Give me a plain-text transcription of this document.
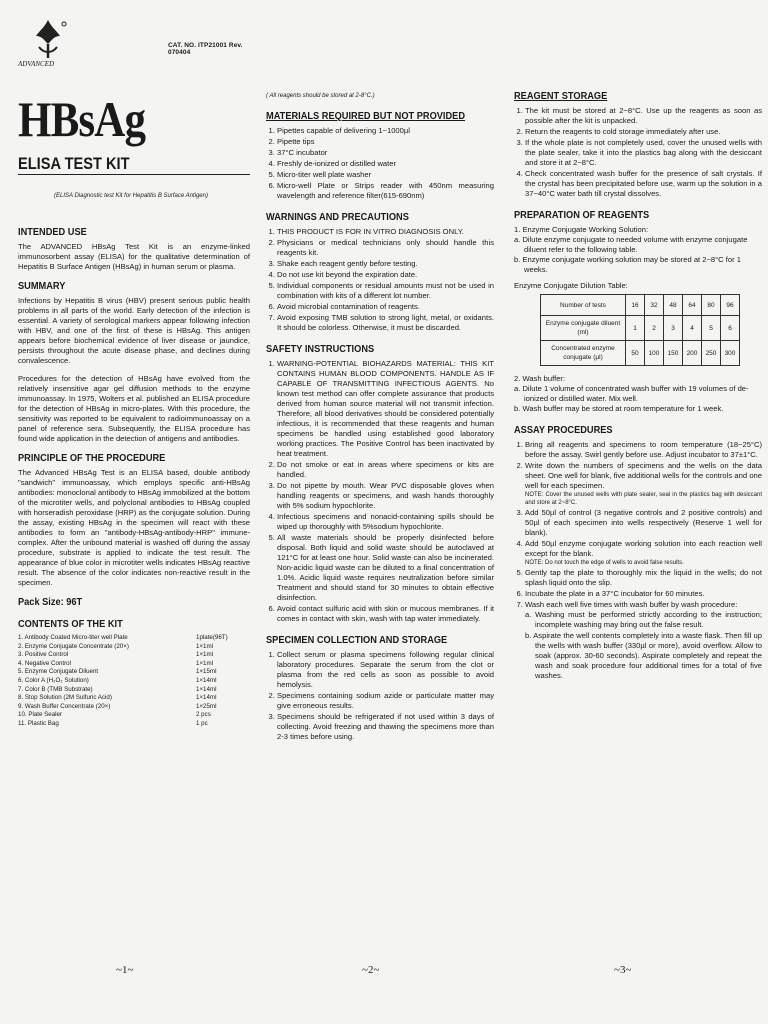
ADVANCED
CAT. NO. ITP21001 Rev. 070404
HBsAg
ELISA TEST KIT
(ELISA Diagnostic test Kit for Hepatitis B Surface Antigen)
INTENDED USE

The ADVANCED HBsAg Test Kit is an enzyme-linked immunosorbent assay (ELISA) for the qualitative determination of Hepatitis B Surface Antigen (HBsAg) in human serum or plasma.

SUMMARY

Infections by Hepatitis B virus (HBV) present serious public health problems in all parts of the world. Early detection of the infection is essential. A variety of serological markers appear following infection with HBV, and one of the first of these is HBsAg. This antigen appears before biochemical evidence of liver disease or jaundice, persists throughout the acute disease phase, and declines during convalescence.

Procedures for the detection of HBsAg have evolved from the relatively insensitive agar gel diffusion methods to the enzyme immunoassay. In 1975, Wolters et al. published an ELISA procedure for the detection of HBsAg in micro-plates. With this procedure, the sensitivity was reported to be equivalent to radioimmunoassay on a panel of reference sera. Subsequently, the ELISA procedure has found wide application in the detection of antigens and antibodies.

PRINCIPLE OF THE PROCEDURE

The Advanced HBsAg Test is an ELISA based, double antibody "sandwich" immunoassay, which employs specific anti-HBsAg antibodies: monoclonal antibody to HBsAg immobilized at the bottom of the microtiter wells, and polyclonal antibodies to HBsAg coupled with horseradish peroxidase (HRP) as the conjugate solution. During the assay, existing HBsAg in the specimen will react with these antibodies to form an "antibody-HBsAg-antibody-HRP" immune-complex. After the unbound material is washed off during the assay procedure, substrate is applied to indicate the test result. The appearance of blue color in microtiter wells indicates HBsAg reactive result. The absence of the color indicates non-reactive result in the specimen.

Pack Size: 96T
CONTENTS OF THE KIT
1. Antibody Coated Micro-titer well Plate	1plate(96T)
2. Enzyme Conjugate Concentrate (20×)	1×1ml
3. Positive Control	1×1ml
4. Negative Control	1×1ml
5. Enzyme Conjugate Diluent	1×15ml
6. Color A (H₂O₂ Solution)	1×14ml
7. Color B (TMB Substrate)	1×14ml
8. Stop Solution (2M Sulfuric Acid)	1×14ml
9. Wash Buffer Concentrate (20×)	1×25ml
10. Plate Sealer	2 pcs
11. Plastic Bag	1 pc
~1~

( All reagents should be stored at 2-8°C.)

MATERIALS REQUIRED BUT NOT PROVIDED
1. Pipettes capable of delivering 1~1000µl
2. Pipette tips
3. 37°C incubator
4. Freshly de-ionized or distilled water
5. Micro-titer well plate washer
6. Micro-well Plate or Strips reader with 450nm measuring wavelength and reference filter(615-690nm)
WARNINGS AND PRECAUTIONS
1. THIS PRODUCT IS FOR IN VITRO DIAGNOSIS ONLY.
2. Physicians or medical technicians only should handle this reagents kit.
3. Shake each reagent gently before testing.
4. Do not use kit beyond the expiration date.
5. Individual components or residual amounts must not be used in combination with kits of a different lot number.
6. Avoid microbial contamination of reagents.
7. Avoid exposing TMB solution to strong light, metal, or oxidants. It should be colorless. Otherwise, it must be discarded.
SAFETY INSTRUCTIONS
1. WARNING-POTENTIAL BIOHAZARDS MATERIAL: THIS KIT CONTAINS HUMAN BLOOD COMPONENTS. HANDLE AS IF CAPABLE OF TRANSMITTING INFECTIOUS AGENTS. No known test method can offer complete assurance that products derived from human source material will not transmit infection. Therefore, all blood derivatives should be considered potentially infectious, it is recommended that these reagents and human specimens be handled using established good laboratory working practices. The Positive Control has been inactivated by heat treatment.
2. Do not smoke or eat in areas where specimens or kits are handled.
3. Do not pipette by mouth. Wear PVC disposable gloves when handling reagents or specimens, and wash hands thoroughly with 5% sodium hypochlorite.
4. Infectious specimens and nonacid-containing spills should be wiped up thoroughly with 5%sodium hypochlorite.
5. All waste materials should be properly disinfected before disposal. Both liquid and solid waste should be autoclaved at 121°C for at least one hour. Solid waste can also be incinerated. Non-acidic liquid waste can be diluted to a final concentration of 1.0%. Acidic liquid waste requires neutralization before similar Treatment and should stand for 30 minutes to obtain effective disinfection.
6. Avoid contact sulfuric acid with skin or mucous membranes. If it comes in contact with skin, wash with tap water immediately.
SPECIMEN COLLECTION AND STORAGE
1. Collect serum or plasma specimens following regular clinical laboratory procedures. Separate the serum from the clot or plasma from the red cells as soon as possible to avoid hemolysis.
2. Specimens containing sodium azide or particulate matter may give erroneous results.
3. Specimens should be refrigerated if not used within 3 days of collecting. Avoid freezing and thawing the specimens more than 2-3 times before using.
~2~
REAGENT STORAGE
1. The kit must be stored at 2~8°C. Use up the reagents as soon as possible after the kit is unpacked.
2. Return the reagents to cold storage immediately after use.
3. If the whole plate is not completely used, cover the unused wells with the plate sealer, take it into the plastics bag along with the desiccant and store it at 2~8°C.
4. Check concentrated wash buffer for the presence of salt crystals. If the crystal has been precipitated before use, warm up the solution in a 37~40°C water bath till crystal dissolves.
PREPARATION OF REAGENTS
1. Enzyme Conjugate Working Solution:
a. Dilute enzyme conjugate to needed volume with enzyme conjugate diluent refer to the following table.
b. Enzyme conjugate working solution may be stored at 2~8°C for 1 weeks.
Enzyme Conjugate Dilution Table:
Number of tests	16	32	48	64	80	96
Enzyme conjugate diluent (ml)	1	2	3	4	5	6
Concentrated enzyme conjugate (µl)	50	100	150	200	250	300
2. Wash buffer:
a. Dilute 1 volume of concentrated wash buffer with 19 volumes of de-ionized or distilled water. Mix well.
b. Wash buffer may be stored at room temperature for 1 week.
ASSAY PROCEDURES
1. Bring all reagents and specimens to room temperature (18~25°C) before the assay. Swirl gently before use. Adjust incubator to 37±1°C.
2. Write down the numbers of specimens and the wells on the data sheet. One well for blank, five additional wells for the controls and one well for each specimen.
NOTE: Cover the unused wells with plate sealer, seal in the plastics bag with desiccant and store at 2~8°C.
3. Add 50µl of control (3 negative controls and 2 positive controls) and 50µl of each specimen into wells respectively (Reserve 1 well for blank).
4. Add 50µl enzyme conjugate working solution into each reaction well except for the blank.
NOTE: Do not touch the edge of wells to avoid false results.
5. Gently tap the plate to thoroughly mix the liquid in the wells; do not splash liquid onto the slip.
6. Incubate the plate in a 37°C incubator for 60 minutes.
7. Wash each well five times with wash buffer by wash procedure:
a. Washing must be performed strictly according to the instruction; incomplete washing may bring out the false result.
b. Aspirate the well contents completely into a waste flask. Then fill up the wells with wash buffer (330µl or more), avoid overflow. Allow to soak (approx. 30-60 seconds). Aspirate completely and repeat the wash and soak procedure four additional times for a total of five washes.
~3~
